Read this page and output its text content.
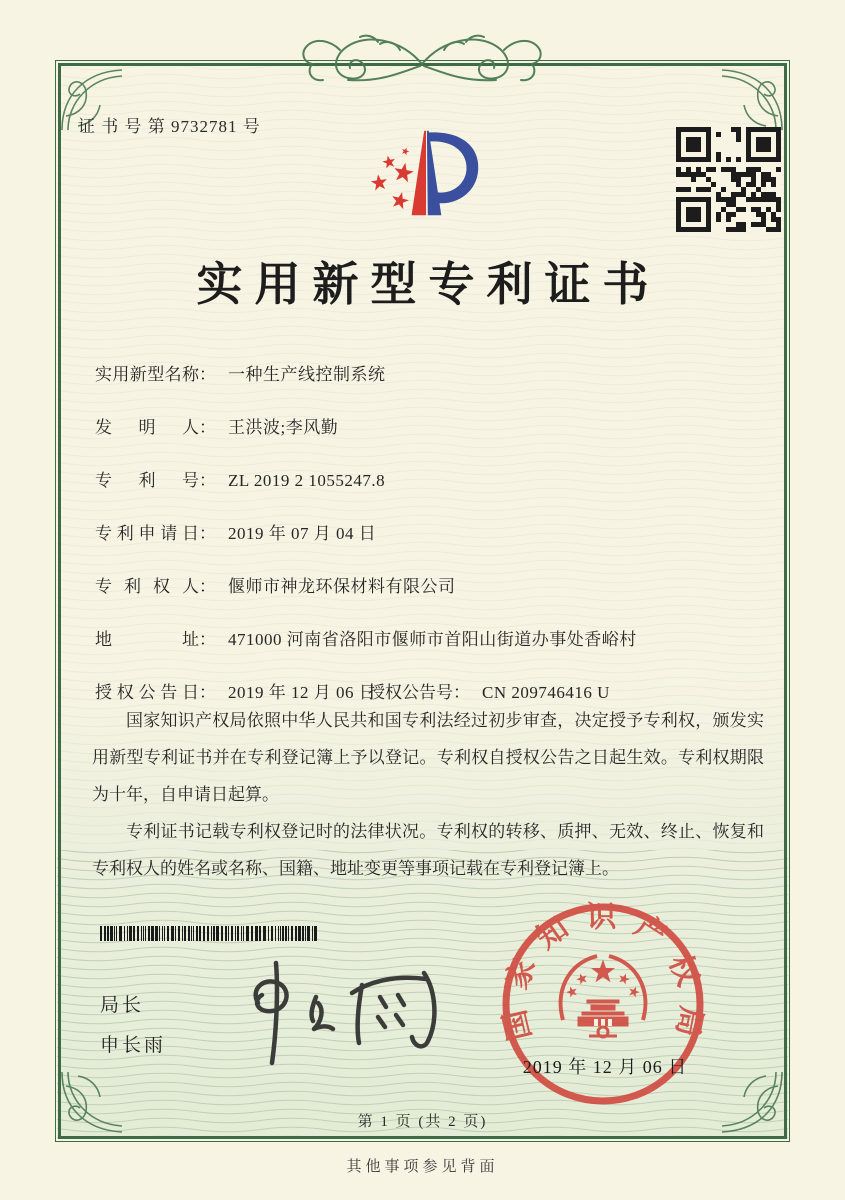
证 书 号 第 9732781 号
实用新型专利证书
实用新型名称： 一种生产线控制系统
发明人： 王洪波;李风勤
专利号： ZL 2019 2 1055247.8
专利申请日： 2019 年 07 月 04 日
专利权人： 偃师市神龙环保材料有限公司
地址： 471000 河南省洛阳市偃师市首阳山街道办事处香峪村
授权公告日： 2019 年 12 月 06 日
授权公告号： CN 209746416 U

国家知识产权局依照中华人民共和国专利法经过初步审查，决定授予专利权，颁发实用新型专利证书并在专利登记簿上予以登记。专利权自授权公告之日起生效。专利权期限为十年，自申请日起算。

专利证书记载专利权登记时的法律状况。专利权的转移、质押、无效、终止、恢复和专利权人的姓名或名称、国籍、地址变更等事项记载在专利登记簿上。

局长
申长雨
国家知识产权局
2019 年 12 月 06 日
第 1 页 (共 2 页)
其他事项参见背面
